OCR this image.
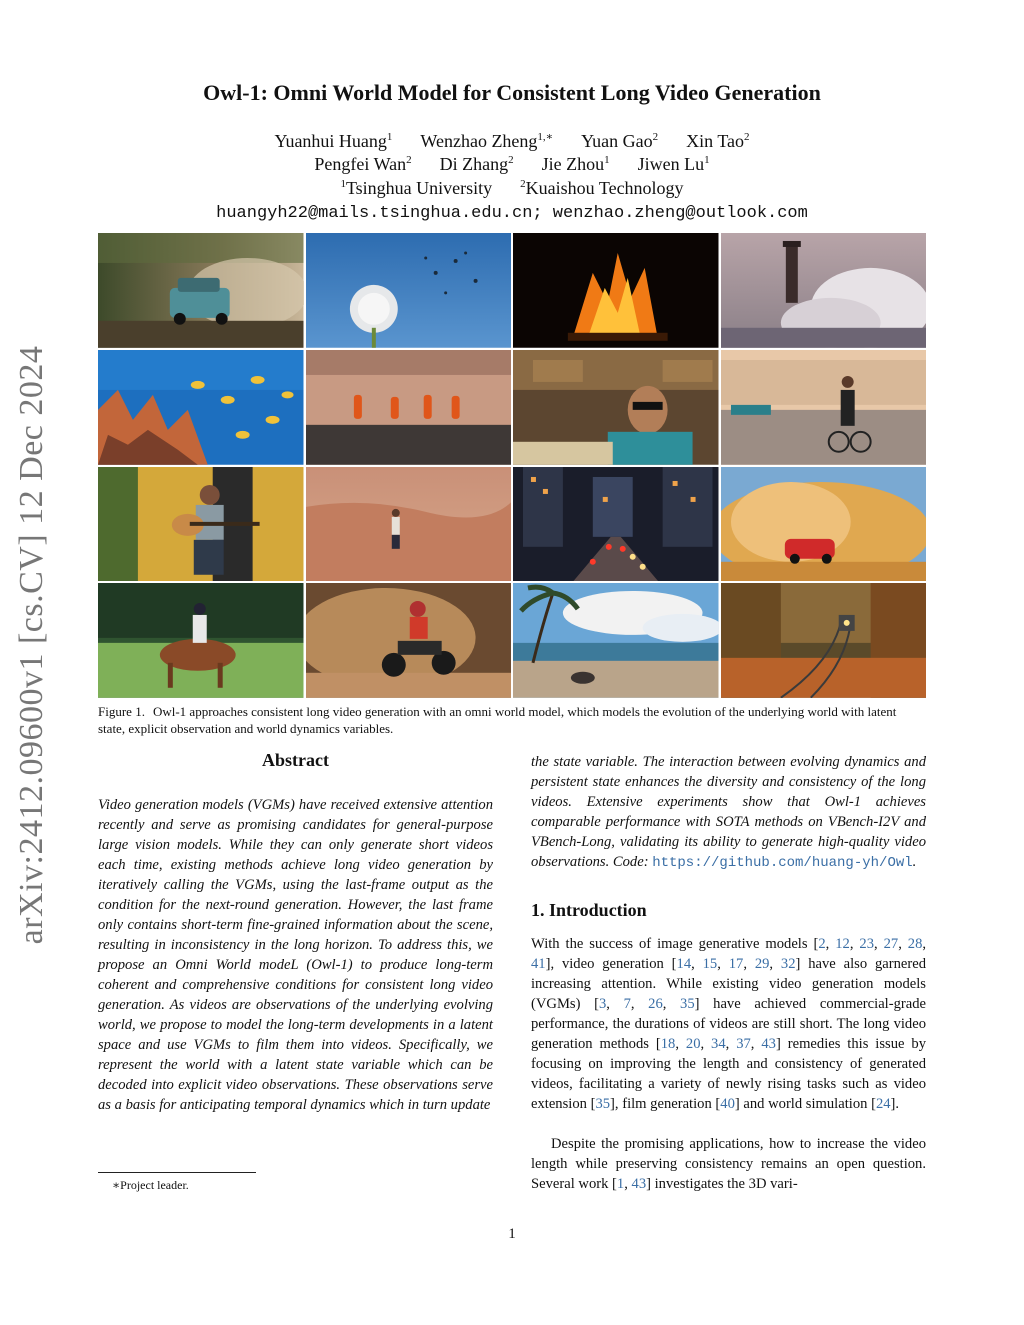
arXiv:2412.09600v1 [cs.CV] 12 Dec 2024
Owl-1: Omni World Model for Consistent Long Video Generation
Yuanhui Huang$^1$ Wenzhao Zheng$^{1,∗}$ Yuan Gao$^2$ Xin Tao$^2$
Pengfei Wan$^2$ Di Zhang$^2$ Jie Zhou$^1$ Jiwen Lu$^1$
$^1$Tsinghua University	$^2$Kuaishou Technology
huangyh22@mails.tsinghua.edu.cn; wenzhao.zheng@outlook.com
Figure 1. Owl-1 approaches consistent long video generation with an omni world model, which models the evolution of the underlying world with latent state, explicit observation and world dynamics variables.
Abstract
Video generation models (VGMs) have received extensive attention recently and serve as promising candidates for general-purpose large vision models. While they can only generate short videos each time, existing methods achieve long video generation by iteratively calling the VGMs, using the last-frame output as the condition for the next-round generation. However, the last frame only contains short-term fine-grained information about the scene, resulting in inconsistency in the long horizon. To address this, we propose an Omni World modeL (Owl-1) to produce long-term coherent and comprehensive conditions for consistent long video generation. As videos are observations of the underlying evolving world, we propose to model the long-term developments in a latent space and use VGMs to film them into videos. Specifically, we represent the world with a latent state variable which can be decoded into explicit video observations. These observations serve as a basis for anticipating temporal dynamics which in turn update
the state variable. The interaction between evolving dynamics and persistent state enhances the diversity and consistency of the long videos. Extensive experiments show that Owl-1 achieves comparable performance with SOTA methods on VBench-I2V and VBench-Long, validating its ability to generate high-quality video observations. Code: https://github.com/huang-yh/Owl.
1. Introduction
With the success of image generative models [2, 12, 23, 27, 28, 41], video generation [14, 15, 17, 29, 32] have also garnered increasing attention. While existing video generation models (VGMs) [3, 7, 26, 35] have achieved commercial-grade performance, the durations of videos are still short. The long video generation methods [18, 20, 34, 37, 43] remedies this issue by focusing on improving the length and consistency of generated videos, facilitating a variety of newly rising tasks such as video extension [35], film generation [40] and world simulation [24].
Despite the promising applications, how to increase the video length while preserving consistency remains an open question. Several work [1, 43] investigates the 3D vari-
∗Project leader.
1
